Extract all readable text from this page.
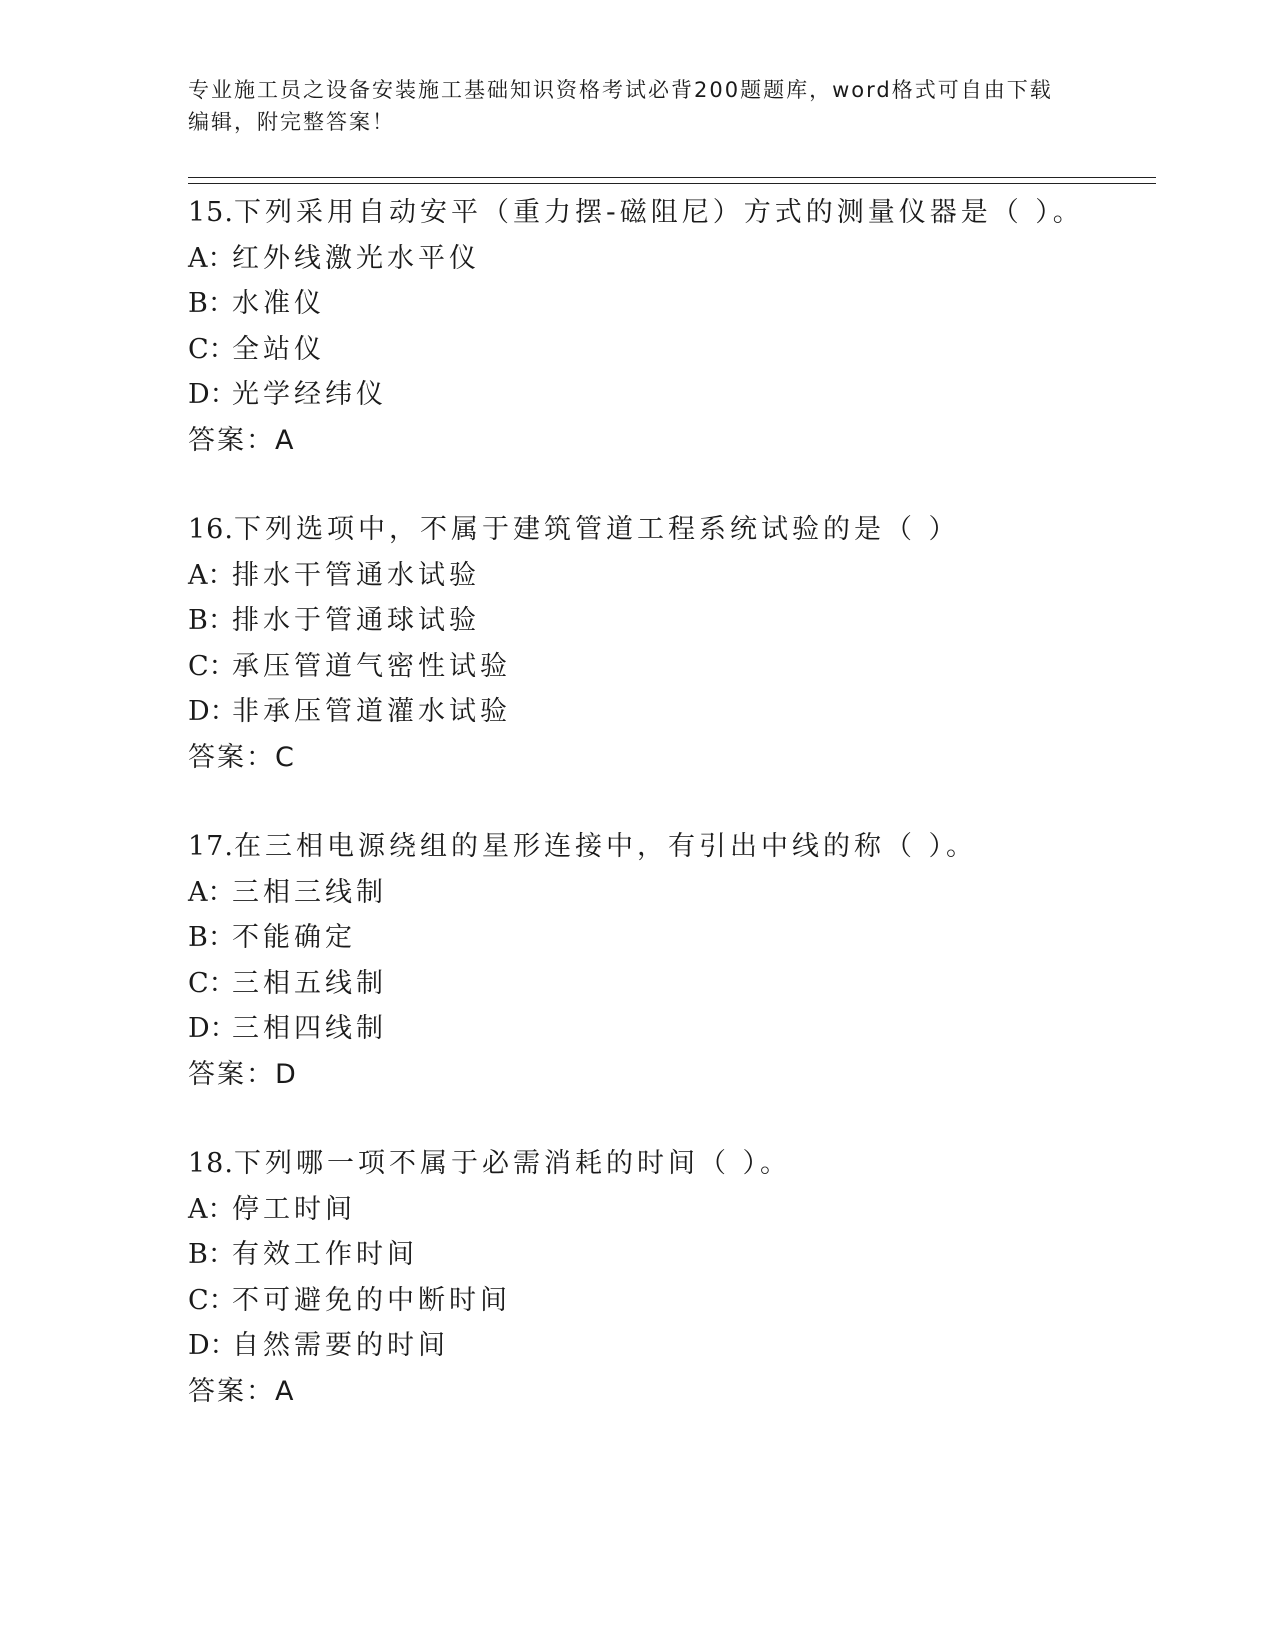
专业施工员之设备安装施工基础知识资格考试必背200题题库，word格式可自由下载编辑，附完整答案！
15.下列采用自动安平（重力摆-磁阻尼）方式的测量仪器是（ ）。
A：红外线激光水平仪
B：水准仪
C：全站仪
D：光学经纬仪
答案：A
16.下列选项中，不属于建筑管道工程系统试验的是（ ）
A：排水干管通水试验
B：排水于管通球试验
C：承压管道气密性试验
D：非承压管道灌水试验
答案：C
17.在三相电源绕组的星形连接中，有引出中线的称（ ）。
A：三相三线制
B：不能确定
C：三相五线制
D：三相四线制
答案：D
18.下列哪一项不属于必需消耗的时间（ ）。
A：停工时间
B：有效工作时间
C：不可避免的中断时间
D：自然需要的时间
答案：A
